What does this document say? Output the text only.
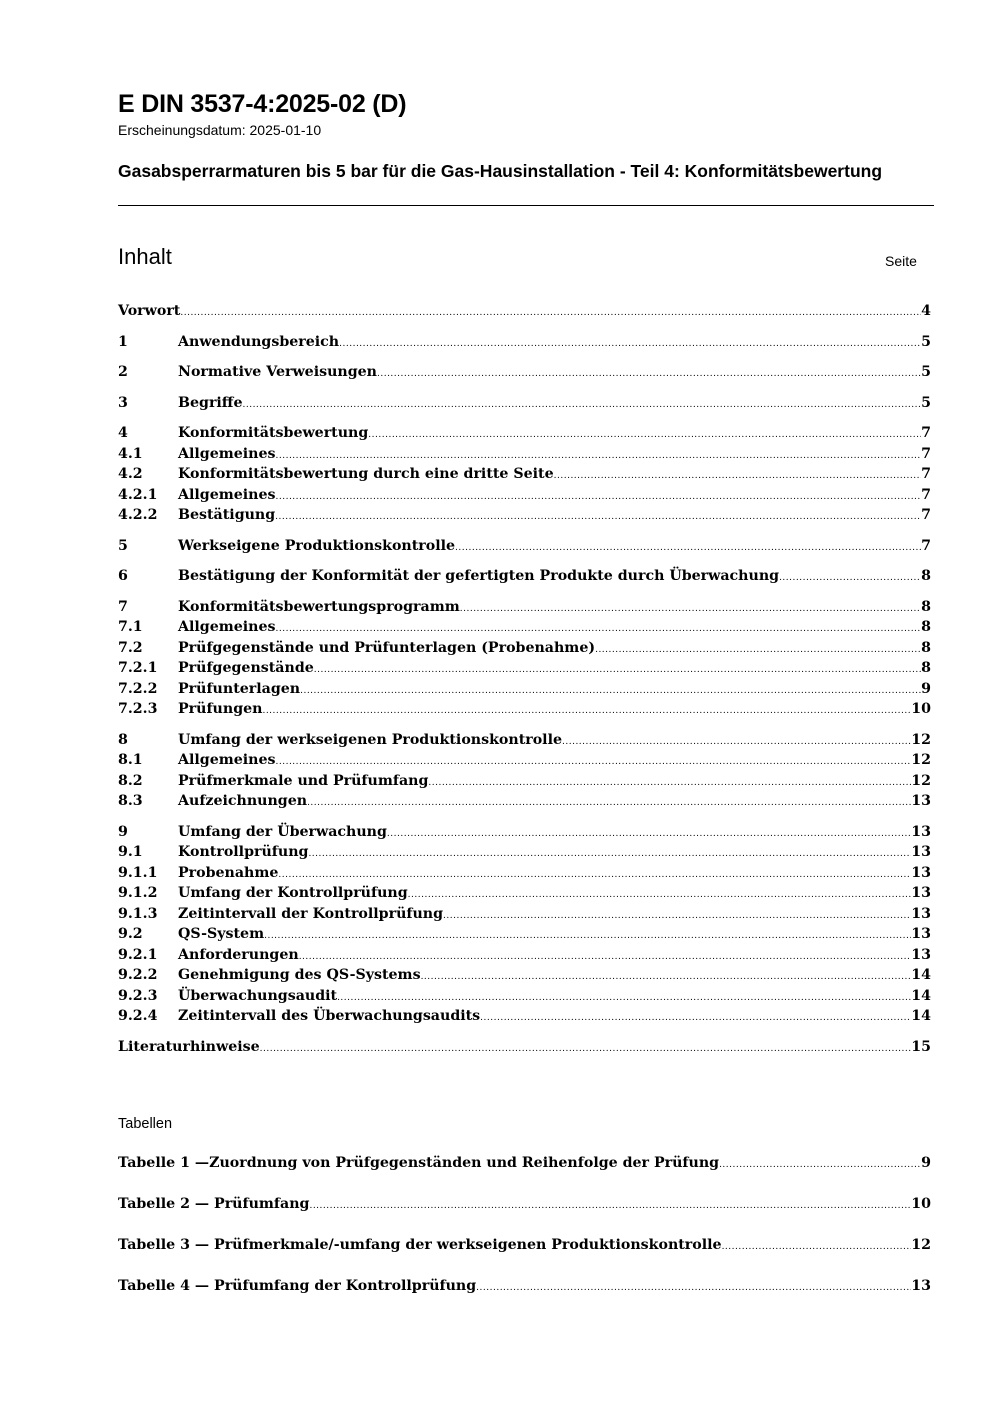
E DIN 3537-4:2025-02 (D)
Erscheinungsdatum: 2025-01-10
Gasabsperrarmaturen bis 5 bar für die Gas-Hausinstallation - Teil 4: Konformitätsbewertung
Inhalt	Seite
Vorwort .....	4
1	Anwendungsbereich .....	5
2	Normative Verweisungen .....	5
3	Begriffe .....	5
4	Konformitätsbewertung .....	7
4.1 Allgemeines .....	7
4.2 Konformitätsbewertung durch eine dritte Seite .....	7
4.2.1 Allgemeines .....	7
4.2.2 Bestätigung .....	7
5	Werkseigene Produktionskontrolle .....	7
6	Bestätigung der Konformität der gefertigten Produkte durch Überwachung .....	8
7	Konformitätsbewertungsprogramm .....	8
7.1 Allgemeines .....	8
7.2 Prüfgegenstände und Prüfunterlagen (Probenahme) .....	8
7.2.1 Prüfgegenstände .....	8
7.2.2 Prüfunterlagen .....	9
7.2.3 Prüfungen .....	10
8	Umfang der werkseigenen Produktionskontrolle .....	12
8.1 Allgemeines .....	12
8.2 Prüfmerkmale und Prüfumfang .....	12
8.3 Aufzeichnungen .....	13
9	Umfang der Überwachung .....	13
9.1 Kontrollprüfung .....	13
9.1.1 Probenahme .....	13
9.1.2 Umfang der Kontrollprüfung .....	13
9.1.3 Zeitintervall der Kontrollprüfung .....	13
9.2 QS-System .....	13
9.2.1 Anforderungen .....	13
9.2.2 Genehmigung des QS-Systems .....	14
9.2.3 Überwachungsaudit .....	14
9.2.4 Zeitintervall des Überwachungsaudits .....	14
Literaturhinweise .....	15
Tabellen
Tabelle 1 —Zuordnung von Prüfgegenständen und Reihenfolge der Prüfung .....	9
Tabelle 2 — Prüfumfang .....	10
Tabelle 3 — Prüfmerkmale/-umfang der werkseigenen Produktionskontrolle .....	12
Tabelle 4 — Prüfumfang der Kontrollprüfung .....	13
